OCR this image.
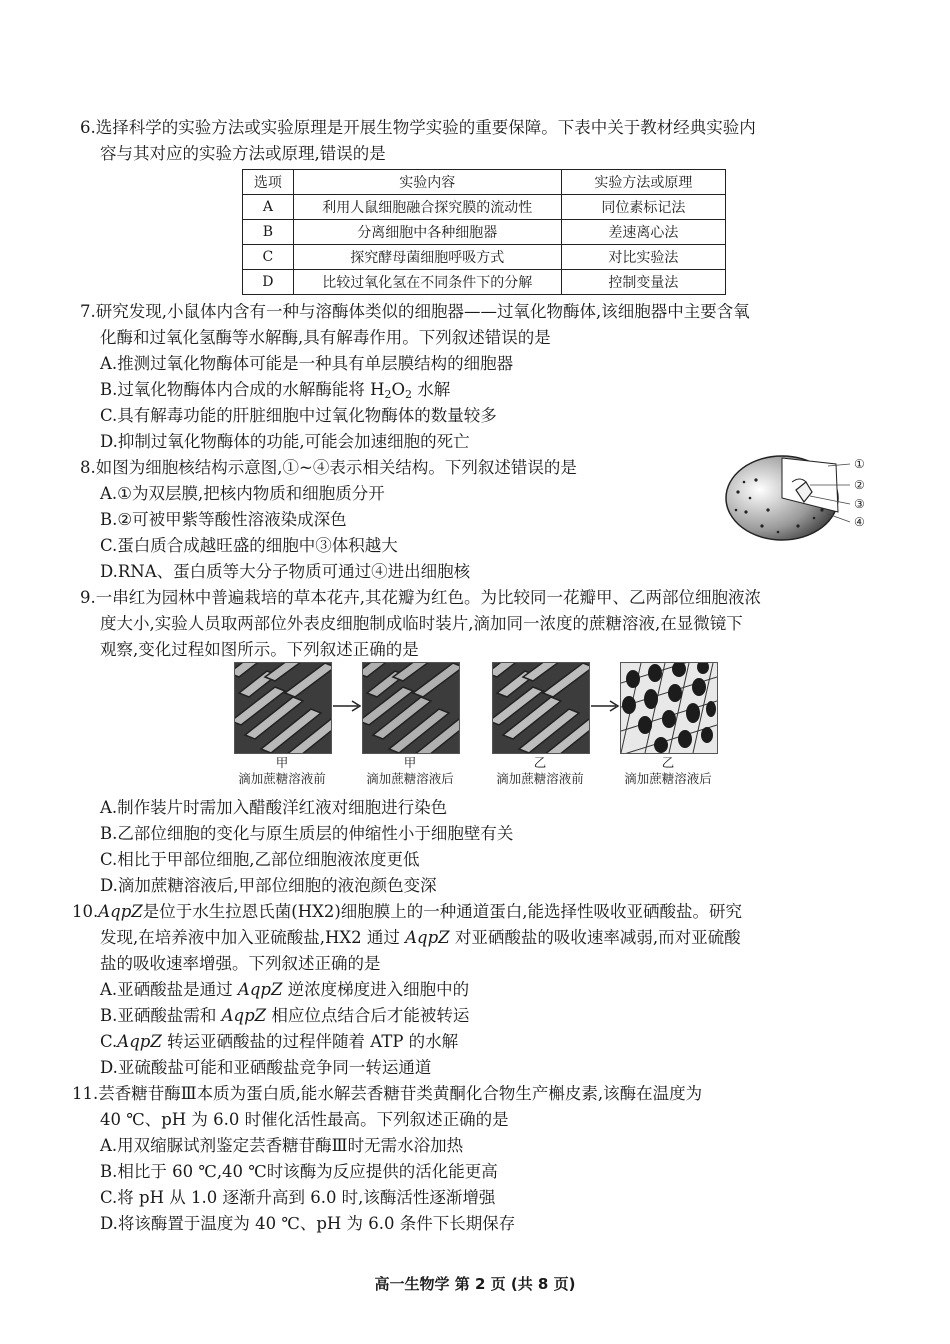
6.选择科学的实验方法或实验原理是开展生物学实验的重要保障。下表中关于教材经典实验内
容与其对应的实验方法或原理,错误的是
选项	实验内容	实验方法或原理
A	利用人鼠细胞融合探究膜的流动性	同位素标记法
B	分离细胞中各种细胞器	差速离心法
C	探究酵母菌细胞呼吸方式	对比实验法
D	比较过氧化氢在不同条件下的分解	控制变量法
7.研究发现,小鼠体内含有一种与溶酶体类似的细胞器——过氧化物酶体,该细胞器中主要含氧
化酶和过氧化氢酶等水解酶,具有解毒作用。下列叙述错误的是
A.推测过氧化物酶体可能是一种具有单层膜结构的细胞器
B.过氧化物酶体内合成的水解酶能将 $H_2O_2$ 水解
C.具有解毒功能的肝脏细胞中过氧化物酶体的数量较多
D.抑制过氧化物酶体的功能,可能会加速细胞的死亡
8.如图为细胞核结构示意图,①~④表示相关结构。下列叙述错误的是
A.①为双层膜,把核内物质和细胞质分开
B.②可被甲紫等酸性溶液染成深色
C.蛋白质合成越旺盛的细胞中③体积越大
D.RNA、蛋白质等大分子物质可通过④进出细胞核
①
②
③
④
9.一串红为园林中普遍栽培的草本花卉,其花瓣为红色。为比较同一花瓣甲、乙两部位细胞液浓
度大小,实验人员取两部位外表皮细胞制成临时装片,滴加同一浓度的蔗糖溶液,在显微镜下
观察,变化过程如图所示。下列叙述正确的是
甲
滴加蔗糖溶液前
甲
滴加蔗糖溶液后
乙
滴加蔗糖溶液前
乙
滴加蔗糖溶液后
A.制作装片时需加入醋酸洋红液对细胞进行染色
B.乙部位细胞的变化与原生质层的伸缩性小于细胞壁有关
C.相比于甲部位细胞,乙部位细胞液浓度更低
D.滴加蔗糖溶液后,甲部位细胞的液泡颜色变深
10.AqpZ是位于水生拉恩氏菌(HX2)细胞膜上的一种通道蛋白,能选择性吸收亚硒酸盐。研究
发现,在培养液中加入亚硫酸盐,HX2 通过 AqpZ 对亚硒酸盐的吸收速率减弱,而对亚硫酸
盐的吸收速率增强。下列叙述正确的是
A.亚硒酸盐是通过 AqpZ 逆浓度梯度进入细胞中的
B.亚硒酸盐需和 AqpZ 相应位点结合后才能被转运
C.AqpZ 转运亚硒酸盐的过程伴随着 ATP 的水解
D.亚硫酸盐可能和亚硒酸盐竞争同一转运通道
11.芸香糖苷酶Ⅲ本质为蛋白质,能水解芸香糖苷类黄酮化合物生产槲皮素,该酶在温度为
40 ℃、pH 为 6.0 时催化活性最高。下列叙述正确的是
A.用双缩脲试剂鉴定芸香糖苷酶Ⅲ时无需水浴加热
B.相比于 60 ℃,40 ℃时该酶为反应提供的活化能更高
C.将 pH 从 1.0 逐渐升高到 6.0 时,该酶活性逐渐增强
D.将该酶置于温度为 40 ℃、pH 为 6.0 条件下长期保存
高一生物学 第 2 页 (共 8 页)
